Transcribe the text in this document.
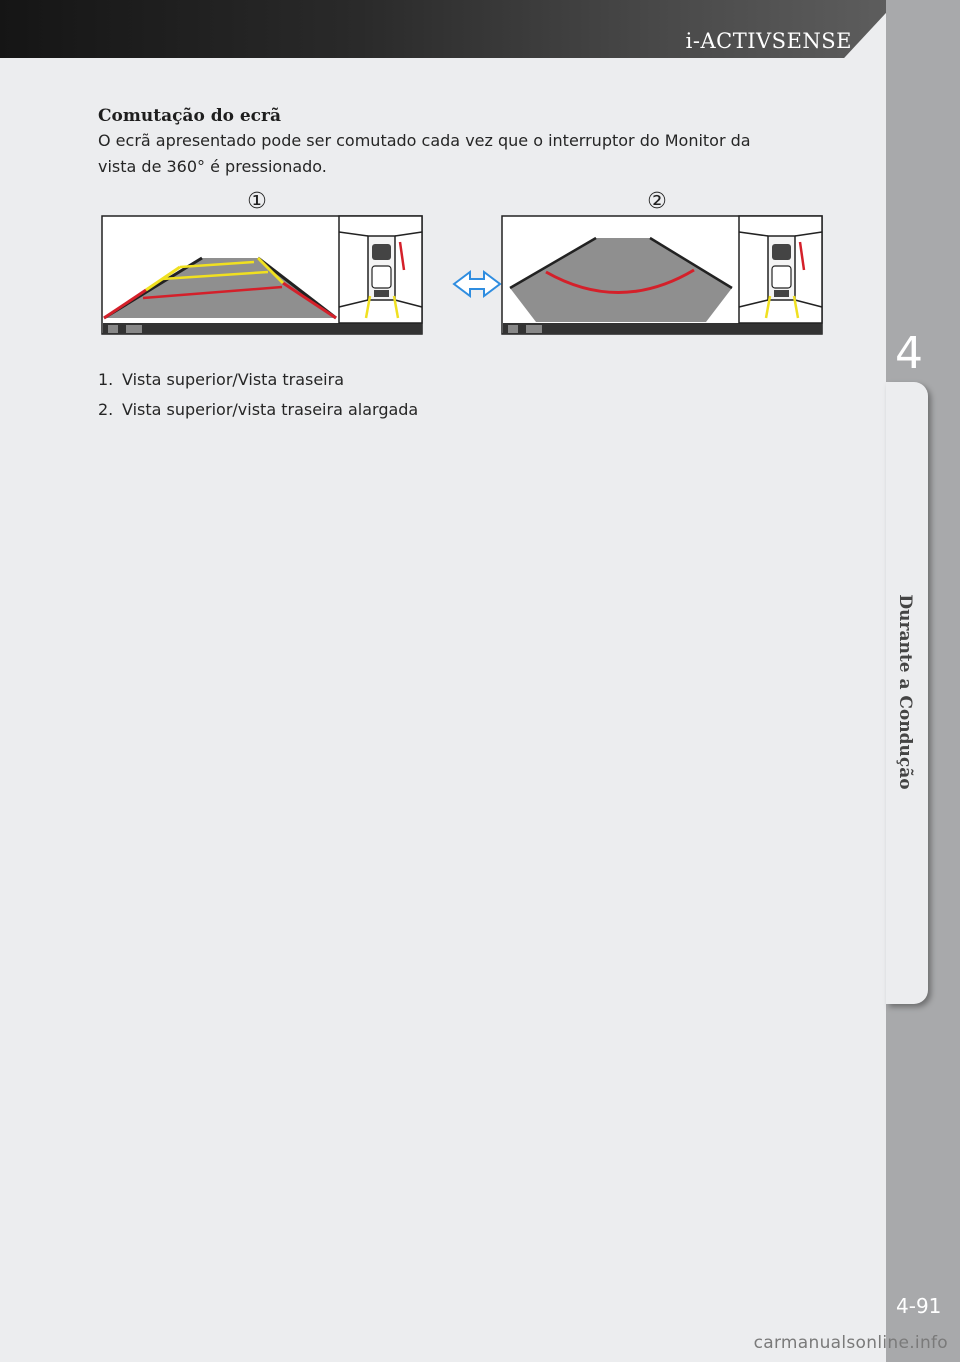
i-ACTIVSENSE
4
Durante a Condução

Comutação do ecrã

O ecrã apresentado pode ser comutado cada vez que o interruptor do Monitor da

vista de 360° é pressionado.

①	②
1. Vista superior/Vista traseira
2. Vista superior/vista traseira alargada
4-91
carmanualsonline.info
